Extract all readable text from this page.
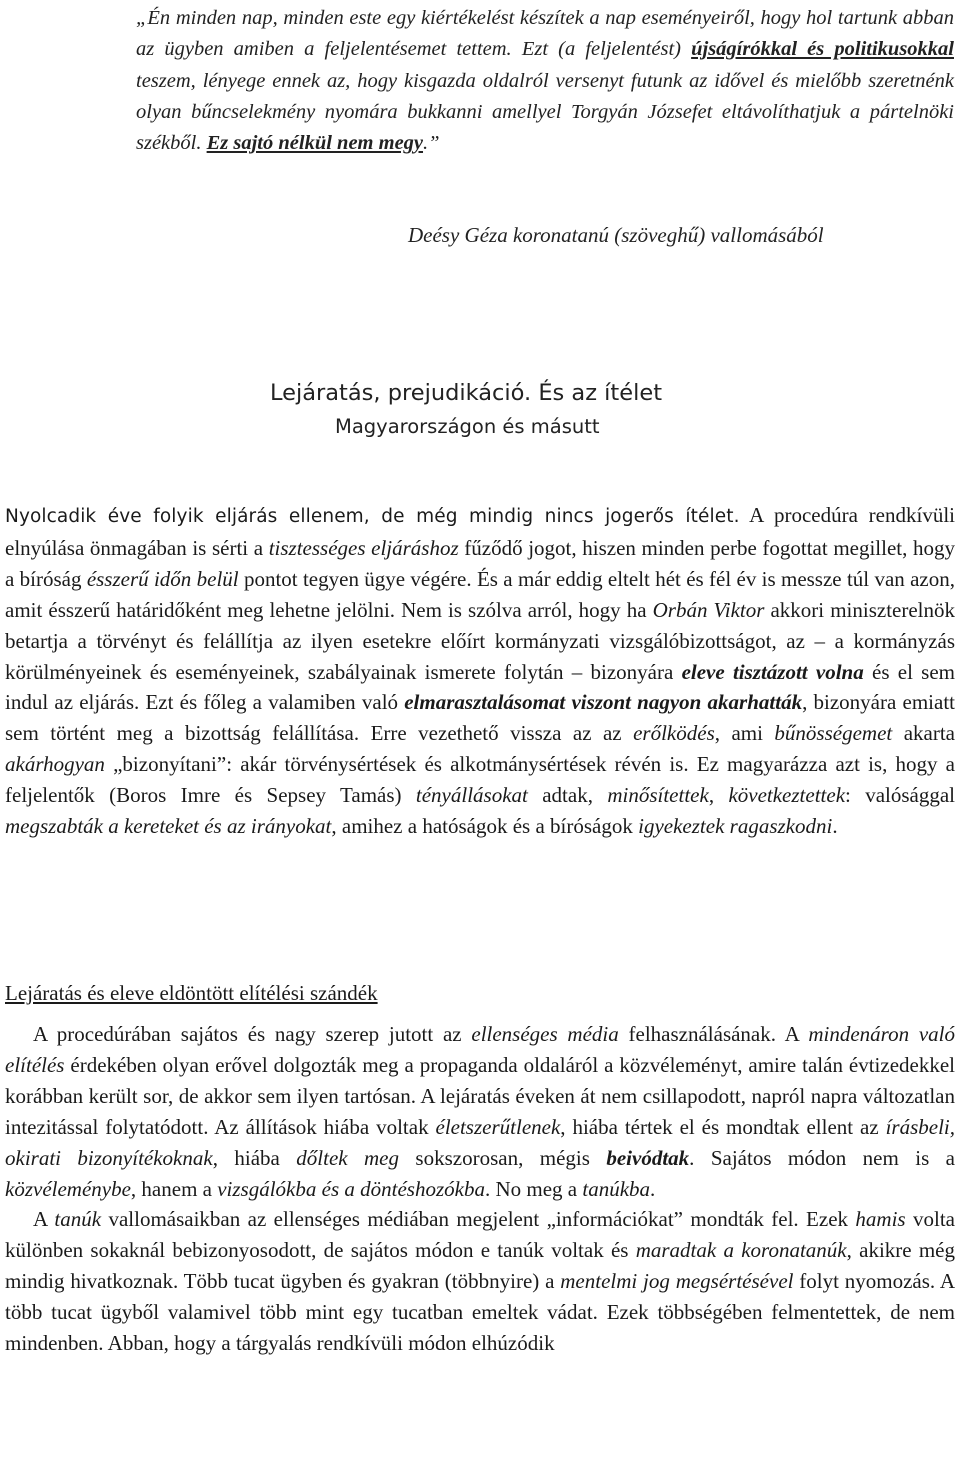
„Én minden nap, minden este egy kiértékelést készítek a nap eseményeiről, hogy hol tartunk abban az ügyben amiben a feljelentésemet tettem. Ezt (a feljelentést) újságírókkal és politikusokkal teszem, lényege ennek az, hogy kisgazda oldalról versenyt futunk az idővel és mielőbb szeretnénk olyan bűncselekmény nyomára bukkanni amellyel Torgyán Józsefet eltávolíthatjuk a pártelnöki székből. Ez sajtó nélkül nem megy.”
Deésy Géza koronatanú (szöveghű) vallomásából
Lejáratás, prejudikáció. És az ítélet
Magyarországon és másutt

Nyolcadik éve folyik eljárás ellenem, de még mindig nincs jogerős ítélet. A procedúra rendkívüli elnyúlása önmagában is sérti a tisztességes eljáráshoz fűződő jogot, hiszen minden perbe fogottat megillet, hogy a bíróság ésszerű időn belül pontot tegyen ügye végére. És a már eddig eltelt hét és fél év is messze túl van azon, amit ésszerű határidőként meg lehetne jelölni. Nem is szólva arról, hogy ha Orbán Viktor akkori miniszterelnök betartja a törvényt és felállítja az ilyen esetekre előírt kormányzati vizsgálóbizottságot, az – a kormányzás körülményeinek és eseményeinek, szabályainak ismerete folytán – bizonyára eleve tisztázott volna és el sem indul az eljárás. Ezt és főleg a valamiben való elmarasztalásomat viszont nagyon akarhatták, bizonyára emiatt sem történt meg a bizottság felállítása. Erre vezethető vissza az az erőlködés, ami bűnösségemet akarta akárhogyan „bizonyítani”: akár törvénysértések és alkotmánysértések révén is. Ez magyarázza azt is, hogy a feljelentők (Boros Imre és Sepsey Tamás) tényállásokat adtak, minősítettek, következtettek: valósággal megszabták a kereteket és az irányokat, amihez a hatóságok és a bíróságok igyekeztek ragaszkodni.

Lejáratás és eleve eldöntött elítélési szándék

A procedúrában sajátos és nagy szerep jutott az ellenséges média felhasználásának. A mindenáron való elítélés érdekében olyan erővel dolgozták meg a propaganda oldaláról a közvéleményt, amire talán évtizedekkel korábban került sor, de akkor sem ilyen tartósan. A lejáratás éveken át nem csillapodott, napról napra változatlan intezitással folytatódott. Az állítások hiába voltak életszerűtlenek, hiába tértek el és mondtak ellent az írásbeli, okirati bizonyítékoknak, hiába dőltek meg sokszorosan, mégis beivódtak. Sajátos módon nem is a közvéleménybe, hanem a vizsgálókba és a döntéshozókba. No meg a tanúkba.

A tanúk vallomásaikban az ellenséges médiában megjelent „információkat” mondták fel. Ezek hamis volta különben sokaknál bebizonyosodott, de sajátos módon e tanúk voltak és maradtak a koronatanúk, akikre még mindig hivatkoznak. Több tucat ügyben és gyakran (többnyire) a mentelmi jog megsértésével folyt nyomozás. A több tucat ügyből valamivel több mint egy tucatban emeltek vádat. Ezek többségében felmentettek, de nem mindenben. Abban, hogy a tárgyalás rendkívüli módon elhúzódik
